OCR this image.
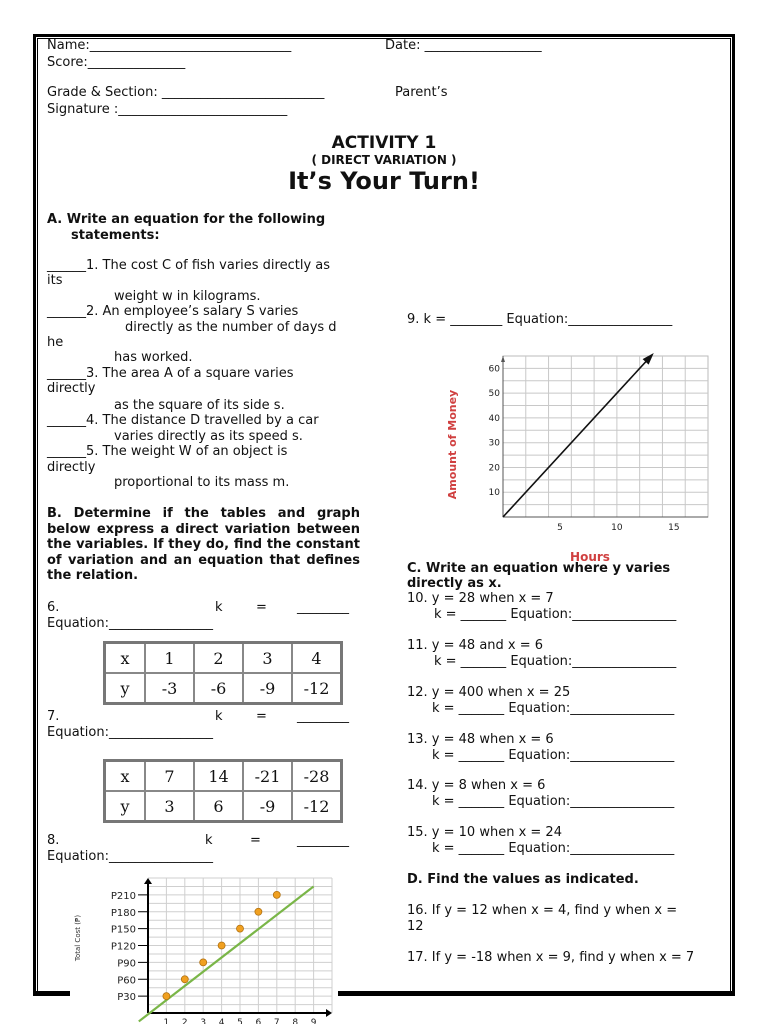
Name:_______________________________	Date: __________________
Score:_______________
Grade & Section: _________________________	Parent’s
Signature :__________________________
ACTIVITY 1
( DIRECT VARIATION )
It’s Your Turn!
A. Write an equation for the following
statements:
______1. The cost C of fish varies directly as
its
weight w in kilograms.
______2. An employee’s salary S varies
directly as the number of days d
he
has worked.
______3. The area A of a square varies
directly
as the square of its side s.
______4. The distance D travelled by a car
varies directly as its speed s.
______5. The weight W of an object is
directly
proportional to its mass m.
B. Determine if the tables and graph below express a direct variation between the variables. If they do, find the constant of variation and an equation that defines the relation.
6.	k	= ________
Equation:________________
x	1	2	3	4
y	-3	-6	-9	-12
7.	k	= ________
Equation:________________
x	7	14	-21	-28
y	3	6	-9	-12
8.	k	=	________
Equation:________________
P30
P60
P90
P120
P150
P180
P210
1 2 3 4 5 6 7 8 9
Total Cost (₱)
9. k = ________ Equation:________________
10
20
30
40
50
60
5	10	15
Amount of Money
Hours
C. Write an equation where y varies
directly as x.
10. y = 28 when x = 7
k = _______ Equation:________________
11. y = 48 and x = 6
k = _______ Equation:________________
12. y = 400 when x = 25
k = _______ Equation:________________
13. y = 48 when x = 6
k = _______ Equation:________________
14. y = 8 when x = 6
k = _______ Equation:________________
15. y = 10 when x = 24
k = _______ Equation:________________
D. Find the values as indicated.
16. If y = 12 when x = 4, find y when x =
12
17. If y = -18 when x = 9, find y when x = 7
